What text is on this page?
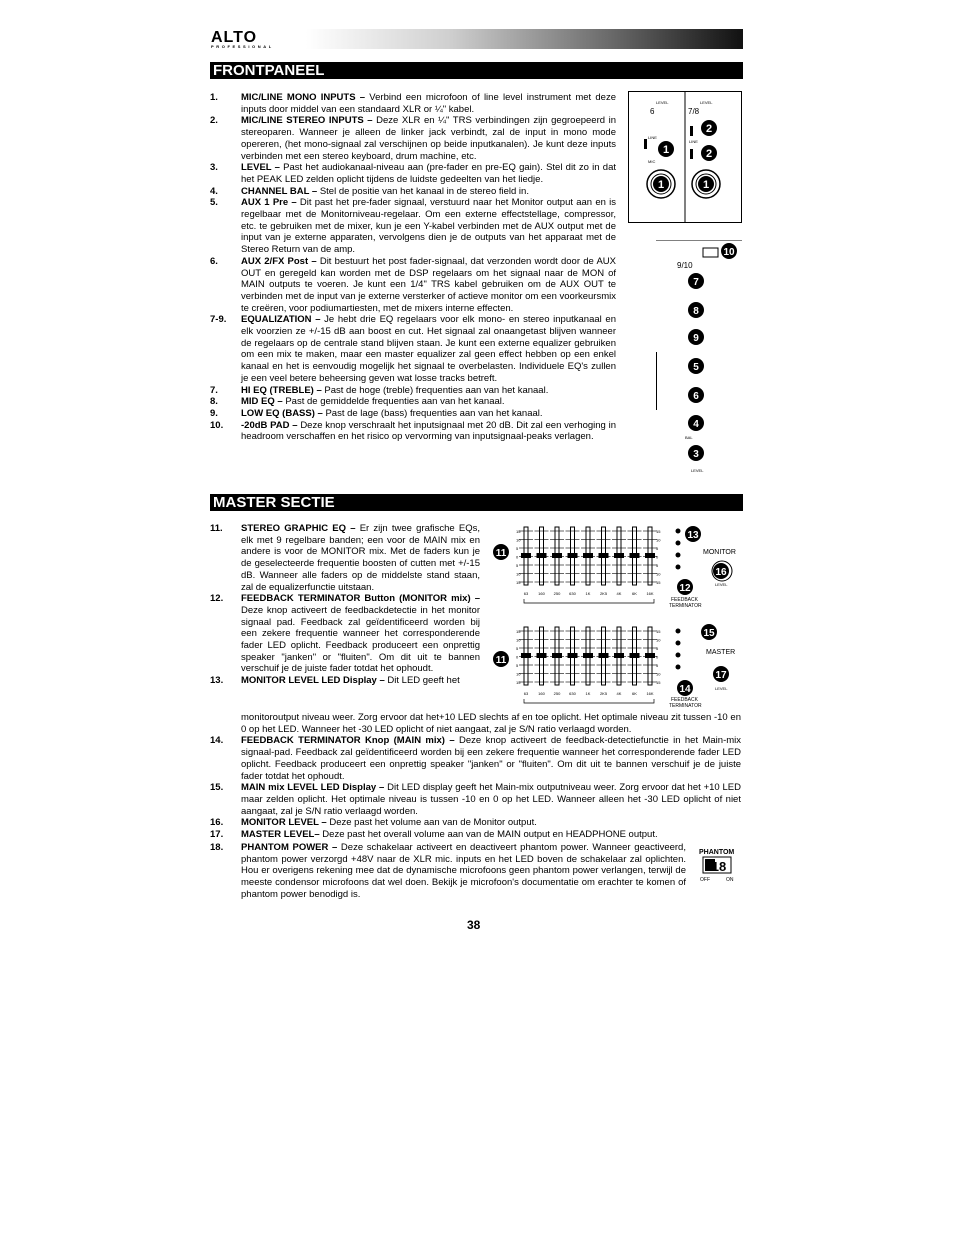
ALTO
PROFESSIONAL
FRONTPANEEL
1.	MIC/LINE MONO INPUTS – Verbind een microfoon of line level instrument met deze inputs door middel van een standaard XLR or ¼" kabel.
2.	MIC/LINE STEREO INPUTS – Deze XLR en ¼" TRS verbindingen zijn gegroepeerd in stereoparen. Wanneer je alleen de linker jack verbindt, zal de input in mono mode opereren, (het mono-signaal zal verschijnen op beide inputkanalen). Je kunt deze inputs verbinden met een stereo keyboard, drum machine, etc.
3.	LEVEL – Past het audiokanaal-niveau aan (pre-fader en pre-EQ gain). Stel dit zo in dat het PEAK LED zelden oplicht tijdens de luidste gedeelten van het liedje.
4.	CHANNEL BAL – Stel de positie van het kanaal in de stereo field in.
5.	AUX 1 Pre – Dit past het pre-fader signaal, verstuurd naar het Monitor output aan en is regelbaar met de Monitorniveau-regelaar. Om een externe effectstellage, compressor, etc. te gebruiken met de mixer, kun je een Y-kabel verbinden met de AUX output met de input van je externe apparaten, vervolgens dien je de outputs van het apparaat met de Stereo Return van de amp.
6.	AUX 2/FX Post – Dit bestuurt het post fader-signaal, dat verzonden wordt door de AUX OUT en geregeld kan worden met de DSP regelaars om het signaal naar de MON of MAIN outputs te voeren. Je kunt een 1/4" TRS kabel gebruiken om de AUX OUT te verbinden met de input van je externe versterker of actieve monitor om een voorkeursmix te creëren, voor podiumartiesten, met de mixers interne effecten.
7-9.	EQUALIZATION – Je hebt drie EQ regelaars voor elk mono- en stereo inputkanaal en elk voorzien ze +/-15 dB aan boost en cut. Het signaal zal onaangetast blijven wanneer de regelaars op de centrale stand blijven staan. Je kunt een externe equalizer gebruiken om een mix te maken, maar een master equalizer zal geen effect hebben op een enkel kanaal en het is eenvoudig mogelijk het signaal te overbelasten. Individuele EQ's zullen je een veel betere beheersing geven wat losse tracks betreft.
7.	HI EQ (TREBLE) – Past de hoge (treble) frequenties aan van het kanaal.
8.	MID EQ – Past de gemiddelde frequenties aan van het kanaal.
9.	LOW EQ (BASS) – Past de lage (bass) frequenties aan van het kanaal.
10.	-20dB PAD – Deze knop verschraalt het inputsignaal met 20 dB. Dit zal een verhoging in headroom verschaffen en het risico op vervorming van inputsignaal-peaks verlagen.
MASTER SECTIE
11.	STEREO GRAPHIC EQ – Er zijn twee grafische EQs, elk met 9 regelbare banden; een voor de MAIN mix en andere is voor de MONITOR mix. Met de faders kun je de geselecteerde frequentie boosten of cutten met +/-15 dB. Wanneer alle faders op de middelste stand staan, zal de equalizerfunctie uitstaan.
12.	FEEDBACK TERMINATOR Button (MONITOR mix) – Deze knop activeert de feedbackdetectie in het monitor signaal pad. Feedback zal geïdentificeerd worden bij een zekere frequentie wanneer het corresponderende fader LED oplicht. Feedback produceert een onprettig speaker "janken" or "fluiten". Om dit uit te bannen verschuif je de juiste fader totdat het ophoudt.
13.	MONITOR LEVEL LED Display – Dit LED geeft het
monitoroutput niveau weer. Zorg ervoor dat het+10 LED slechts af en toe oplicht. Het optimale niveau zit tussen -10 en 0 op het LED. Wanneer het -30 LED oplicht of niet aangaat, zal je S/N ratio verlaagd worden.
14.	FEEDBACK TERMINATOR Knop (MAIN mix) – Deze knop activeert de feedback-detectiefunctie in het Main-mix signaal-pad. Feedback zal geïdentificeerd worden bij een zekere frequentie wanneer het corresponderende fader LED oplicht. Feedback produceert een onprettig speaker "janken" or "fluiten". Om dit uit te bannen verschuif je de juiste fader totdat het ophoudt.
15.	MAIN mix LEVEL LED Display – Dit LED display geeft het Main-mix outputniveau weer. Zorg ervoor dat het +10 LED maar zelden oplicht. Het optimale niveau is tussen -10 en 0 op het LED. Wanneer alleen het -30 LED oplicht of niet aangaat, zal je S/N ratio verlaagd worden.
16.	MONITOR LEVEL – Deze past het volume aan van de Monitor output.
17.	MASTER LEVEL– Deze past het overall volume aan van de MAIN output en HEADPHONE output.
18.	PHANTOM POWER – Deze schakelaar activeert en deactiveert phantom power. Wanneer geactiveerd, phantom power verzorgd +48V naar de XLR mic. inputs en het LED boven de schakelaar zal oplichten. Hou er overigens rekening mee dat de dynamische microfoons geen phantom power verlangen, terwijl de meeste condensor microfoons dat wel doen. Bekijk je microfoon's documentatie om erachter te komen of phantom power benodigd is.
38
6	7/8
LEVEL	LEVEL
LINE
MIC
LINE
1
1	1
2
2
10
9/10
7
8
9
5
6
4
3
BAL
LEVEL
63 160 250 630 1K 2K5 4K	6K 16K
15	15
10	10
5	5
0	0
5	5
10	10
15	15
63 160 250 630 1K 2K5 4K	6K 16K
15	15
10	10
5	5
0	0
5	5
10	10
15	15
MONITOR
MASTER
FEEDBACK
TERMINATOR
FEEDBACK
TERMINATOR
11
11
13
12
16
15
17
14
LEVEL
LEVEL
PHANTOM
18
OFF	ON
